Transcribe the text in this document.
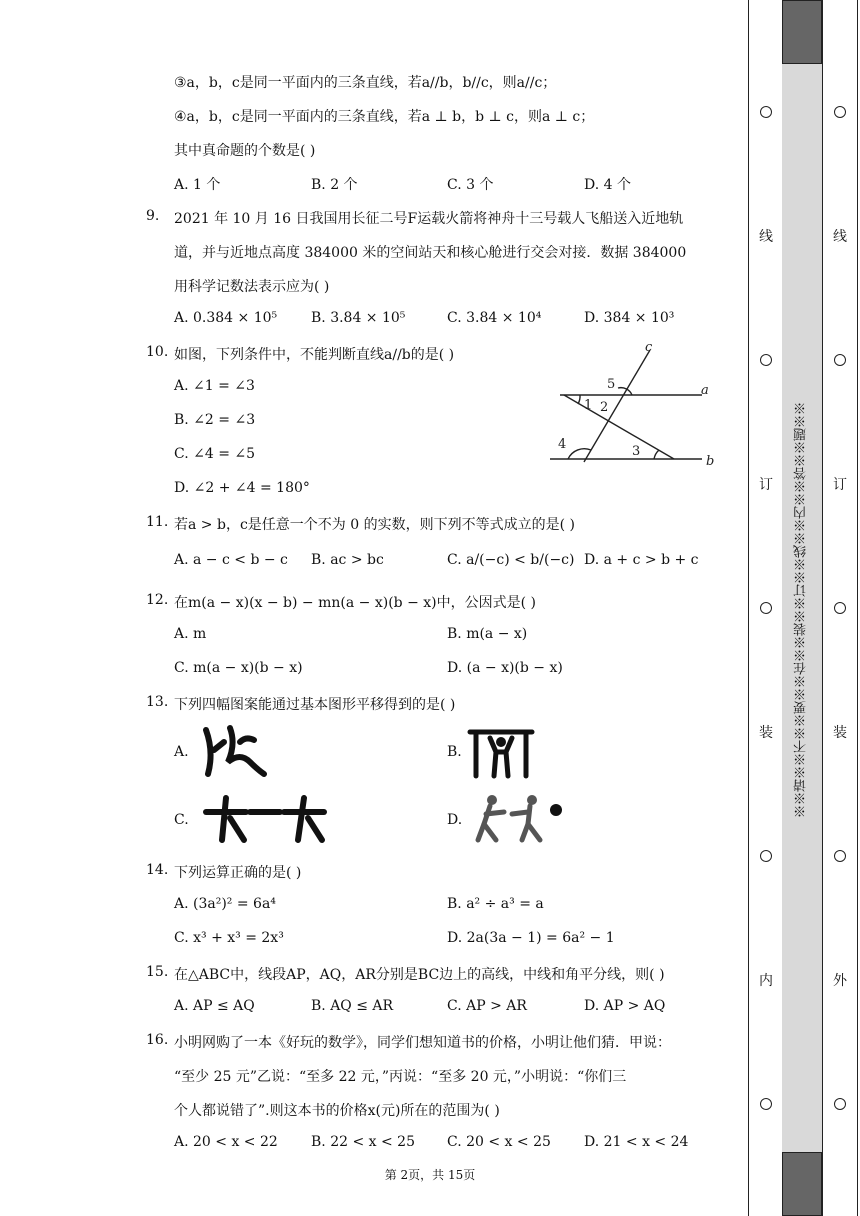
③a，b，c是同一平面内的三条直线，若a∕∕b，b∕∕c，则a∕∕c；
④a，b，c是同一平面内的三条直线，若a ⊥ b，b ⊥ c，则a ⊥ c；
其中真命题的个数是( )
A. 1 个	B. 2 个	C. 3 个	D. 4 个
9. 2021 年 10 月 16 日我国用长征二号F运载火箭将神舟十三号载人飞船送入近地轨
道，并与近地点高度 384000 米的空间站天和核心舱进行交会对接．数据 384000
用科学记数法表示应为( )
A. 0.384 × 10⁵ B. 3.84 × 10⁵	C. 3.84 × 10⁴	D. 384 × 10³
10. 如图，下列条件中，不能判断直线a∕∕b的是( )
A. ∠1 = ∠3
B. ∠2 = ∠3
C. ∠4 = ∠5
D. ∠2 + ∠4 = 180°
c
a
b
1 2
3
4
5
11. 若a > b，c是任意一个不为 0 的实数，则下列不等式成立的是( )
A. a − c < b − c B. ac > bc	C. a/(−c) < b/(−c) D. a + c > b + c
12. 在m(a − x)(x − b) − mn(a − x)(b − x)中，公因式是( )
A. m	B. m(a − x)
C. m(a − x)(b − x)	D. (a − x)(b − x)
13. 下列四幅图案能通过基本图形平移得到的是( )
A.	B.
C.	D.
14. 下列运算正确的是( )
A. (3a²)² = 6a⁴	B. a² ÷ a³ = a
C. x³ + x³ = 2x³	D. 2a(3a − 1) = 6a² − 1
15. 在△ABC中，线段AP，AQ，AR分别是BC边上的高线，中线和角平分线，则( )
A. AP ≤ AQ	B. AQ ≤ AR	C. AP > AR	D. AP > AQ
16. 小明网购了一本《好玩的数学》，同学们想知道书的价格，小明让他们猜．甲说：
“至少 25 元”乙说：“至多 22 元，”丙说：“至多 20 元，”小明说：“你们三
个人都说错了”.则这本书的价格x(元)所在的范围为( )
A. 20 < x < 22 B. 22 < x < 25 C. 20 < x < 25 D. 21 < x < 24
第 2页，共 15页
线
订
装
内
※※请※※不※※要※※在※※装※※订※※线※※内※※答※※题※※
线
订
装
外
